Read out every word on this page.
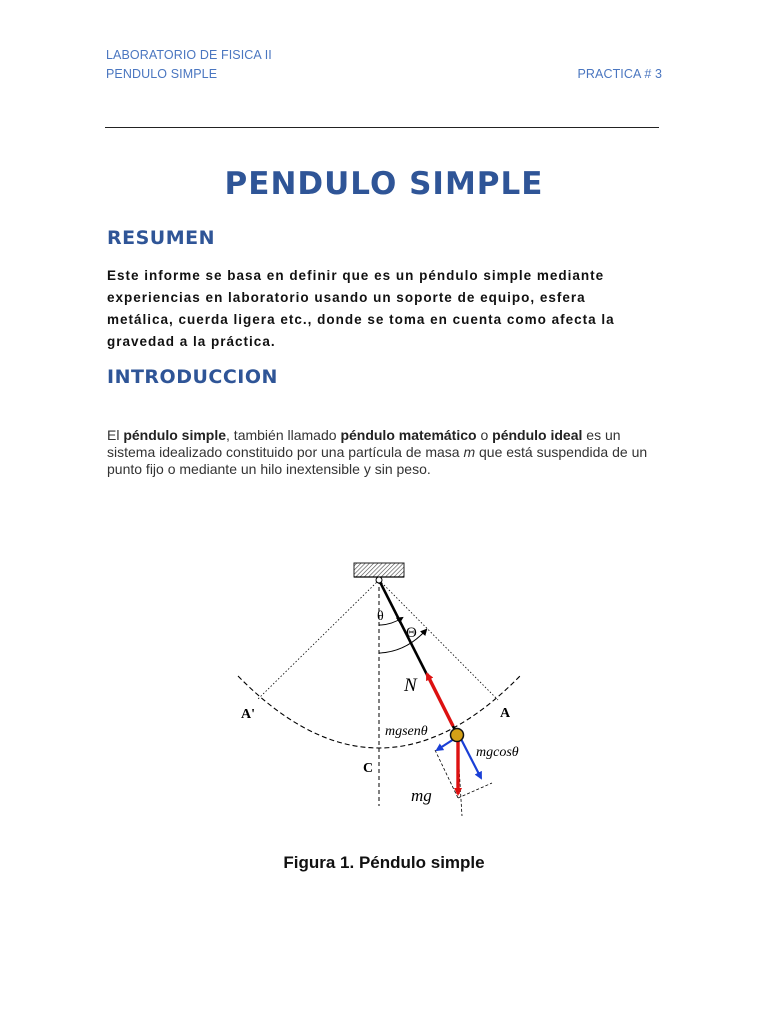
LABORATORIO DE FISICA II
PENDULO SIMPLE	PRACTICA # 3
PENDULO SIMPLE
RESUMEN

Este informe se basa en definir que es un péndulo simple mediante experiencias en laboratorio usando un soporte de equipo, esfera metálica, cuerda ligera etc., donde se toma en cuenta como afecta la gravedad a la práctica.

INTRODUCCION

El péndulo simple, también llamado péndulo matemático o péndulo ideal es un sistema idealizado constituido por una partícula de masa m que está suspendida de un punto fijo o mediante un hilo inextensible y sin peso.

θ
Θ
N
A'	A
C
mgsenθ
mgcosθ
mg
Figura 1. Péndulo simple
